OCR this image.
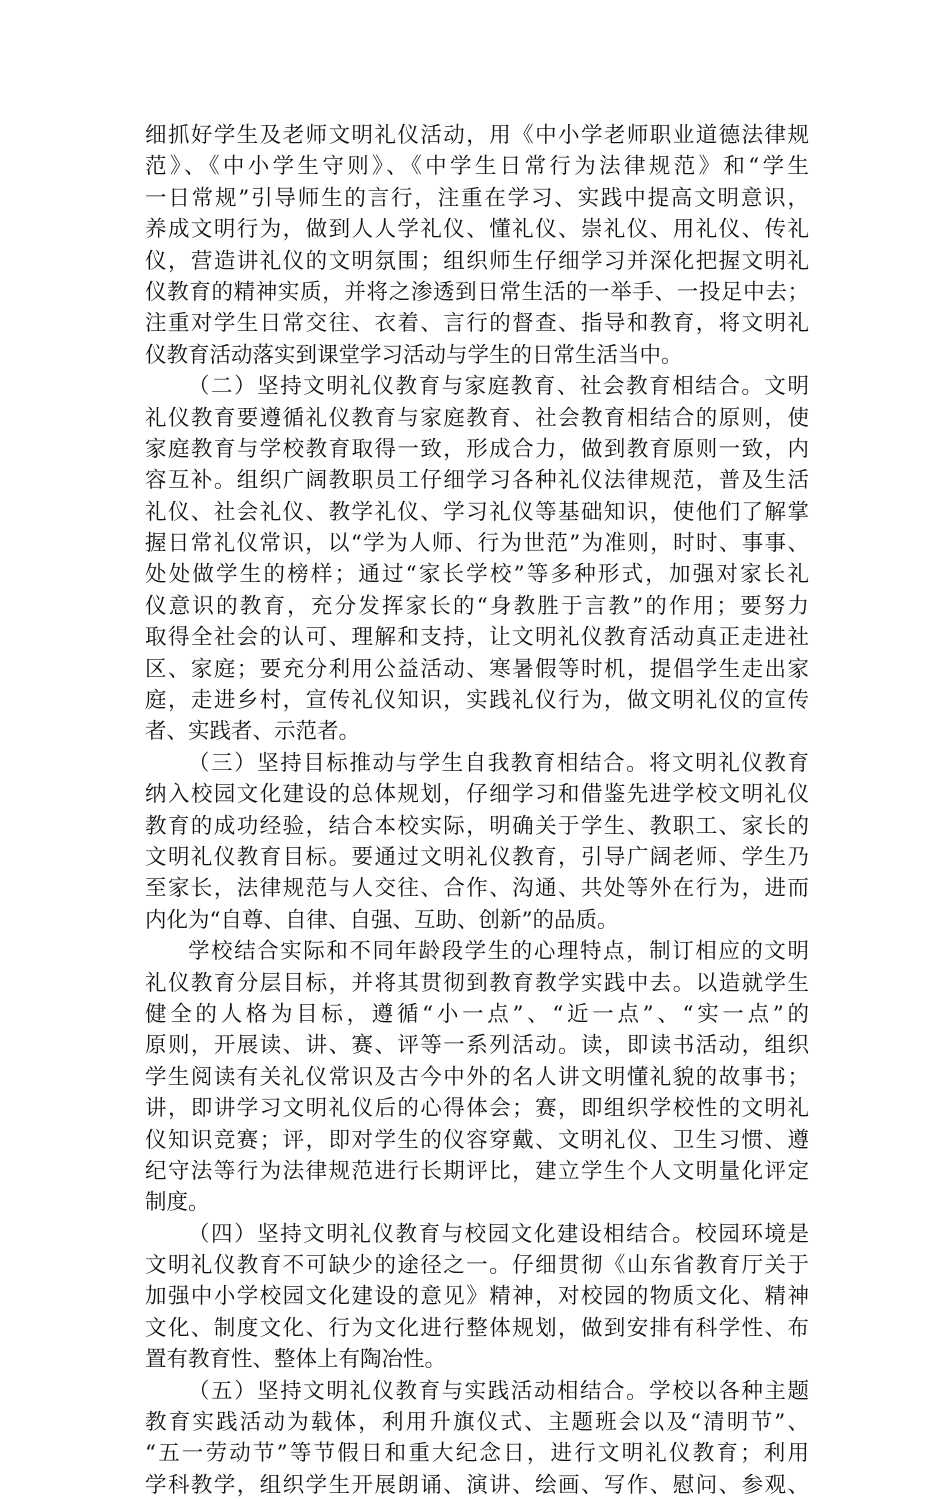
细抓好学生及老师文明礼仪活动，用《中小学老师职业道德法律规
范》、《中小学生守则》、《中学生日常行为法律规范》和“学生
一日常规”引导师生的言行，注重在学习、实践中提高文明意识，
养成文明行为，做到人人学礼仪、懂礼仪、崇礼仪、用礼仪、传礼
仪，营造讲礼仪的文明氛围；组织师生仔细学习并深化把握文明礼
仪教育的精神实质，并将之渗透到日常生活的一举手、一投足中去；
注重对学生日常交往、衣着、言行的督查、指导和教育，将文明礼
仪教育活动落实到课堂学习活动与学生的日常生活当中。
（二）坚持文明礼仪教育与家庭教育、社会教育相结合。文明
礼仪教育要遵循礼仪教育与家庭教育、社会教育相结合的原则，使
家庭教育与学校教育取得一致，形成合力，做到教育原则一致，内
容互补。组织广阔教职员工仔细学习各种礼仪法律规范，普及生活
礼仪、社会礼仪、教学礼仪、学习礼仪等基础知识，使他们了解掌
握日常礼仪常识，以“学为人师、行为世范”为准则，时时、事事、
处处做学生的榜样；通过“家长学校”等多种形式，加强对家长礼
仪意识的教育，充分发挥家长的“身教胜于言教”的作用；要努力
取得全社会的认可、理解和支持，让文明礼仪教育活动真正走进社
区、家庭；要充分利用公益活动、寒暑假等时机，提倡学生走出家
庭，走进乡村，宣传礼仪知识，实践礼仪行为，做文明礼仪的宣传
者、实践者、示范者。
（三）坚持目标推动与学生自我教育相结合。将文明礼仪教育
纳入校园文化建设的总体规划，仔细学习和借鉴先进学校文明礼仪
教育的成功经验，结合本校实际，明确关于学生、教职工、家长的
文明礼仪教育目标。要通过文明礼仪教育，引导广阔老师、学生乃
至家长，法律规范与人交往、合作、沟通、共处等外在行为，进而
内化为“自尊、自律、自强、互助、创新”的品质。
学校结合实际和不同年龄段学生的心理特点，制订相应的文明
礼仪教育分层目标，并将其贯彻到教育教学实践中去。以造就学生
健全的人格为目标，遵循“小一点”、“近一点”、“实一点”的
原则，开展读、讲、赛、评等一系列活动。读，即读书活动，组织
学生阅读有关礼仪常识及古今中外的名人讲文明懂礼貌的故事书；
讲，即讲学习文明礼仪后的心得体会；赛，即组织学校性的文明礼
仪知识竞赛；评，即对学生的仪容穿戴、文明礼仪、卫生习惯、遵
纪守法等行为法律规范进行长期评比，建立学生个人文明量化评定
制度。
（四）坚持文明礼仪教育与校园文化建设相结合。校园环境是
文明礼仪教育不可缺少的途径之一。仔细贯彻《山东省教育厅关于
加强中小学校园文化建设的意见》精神，对校园的物质文化、精神
文化、制度文化、行为文化进行整体规划，做到安排有科学性、布
置有教育性、整体上有陶冶性。
（五）坚持文明礼仪教育与实践活动相结合。学校以各种主题
教育实践活动为载体，利用升旗仪式、主题班会以及“清明节”、
“五一劳动节”等节假日和重大纪念日，进行文明礼仪教育；利用
学科教学，组织学生开展朗诵、演讲、绘画、写作、慰问、参观、
